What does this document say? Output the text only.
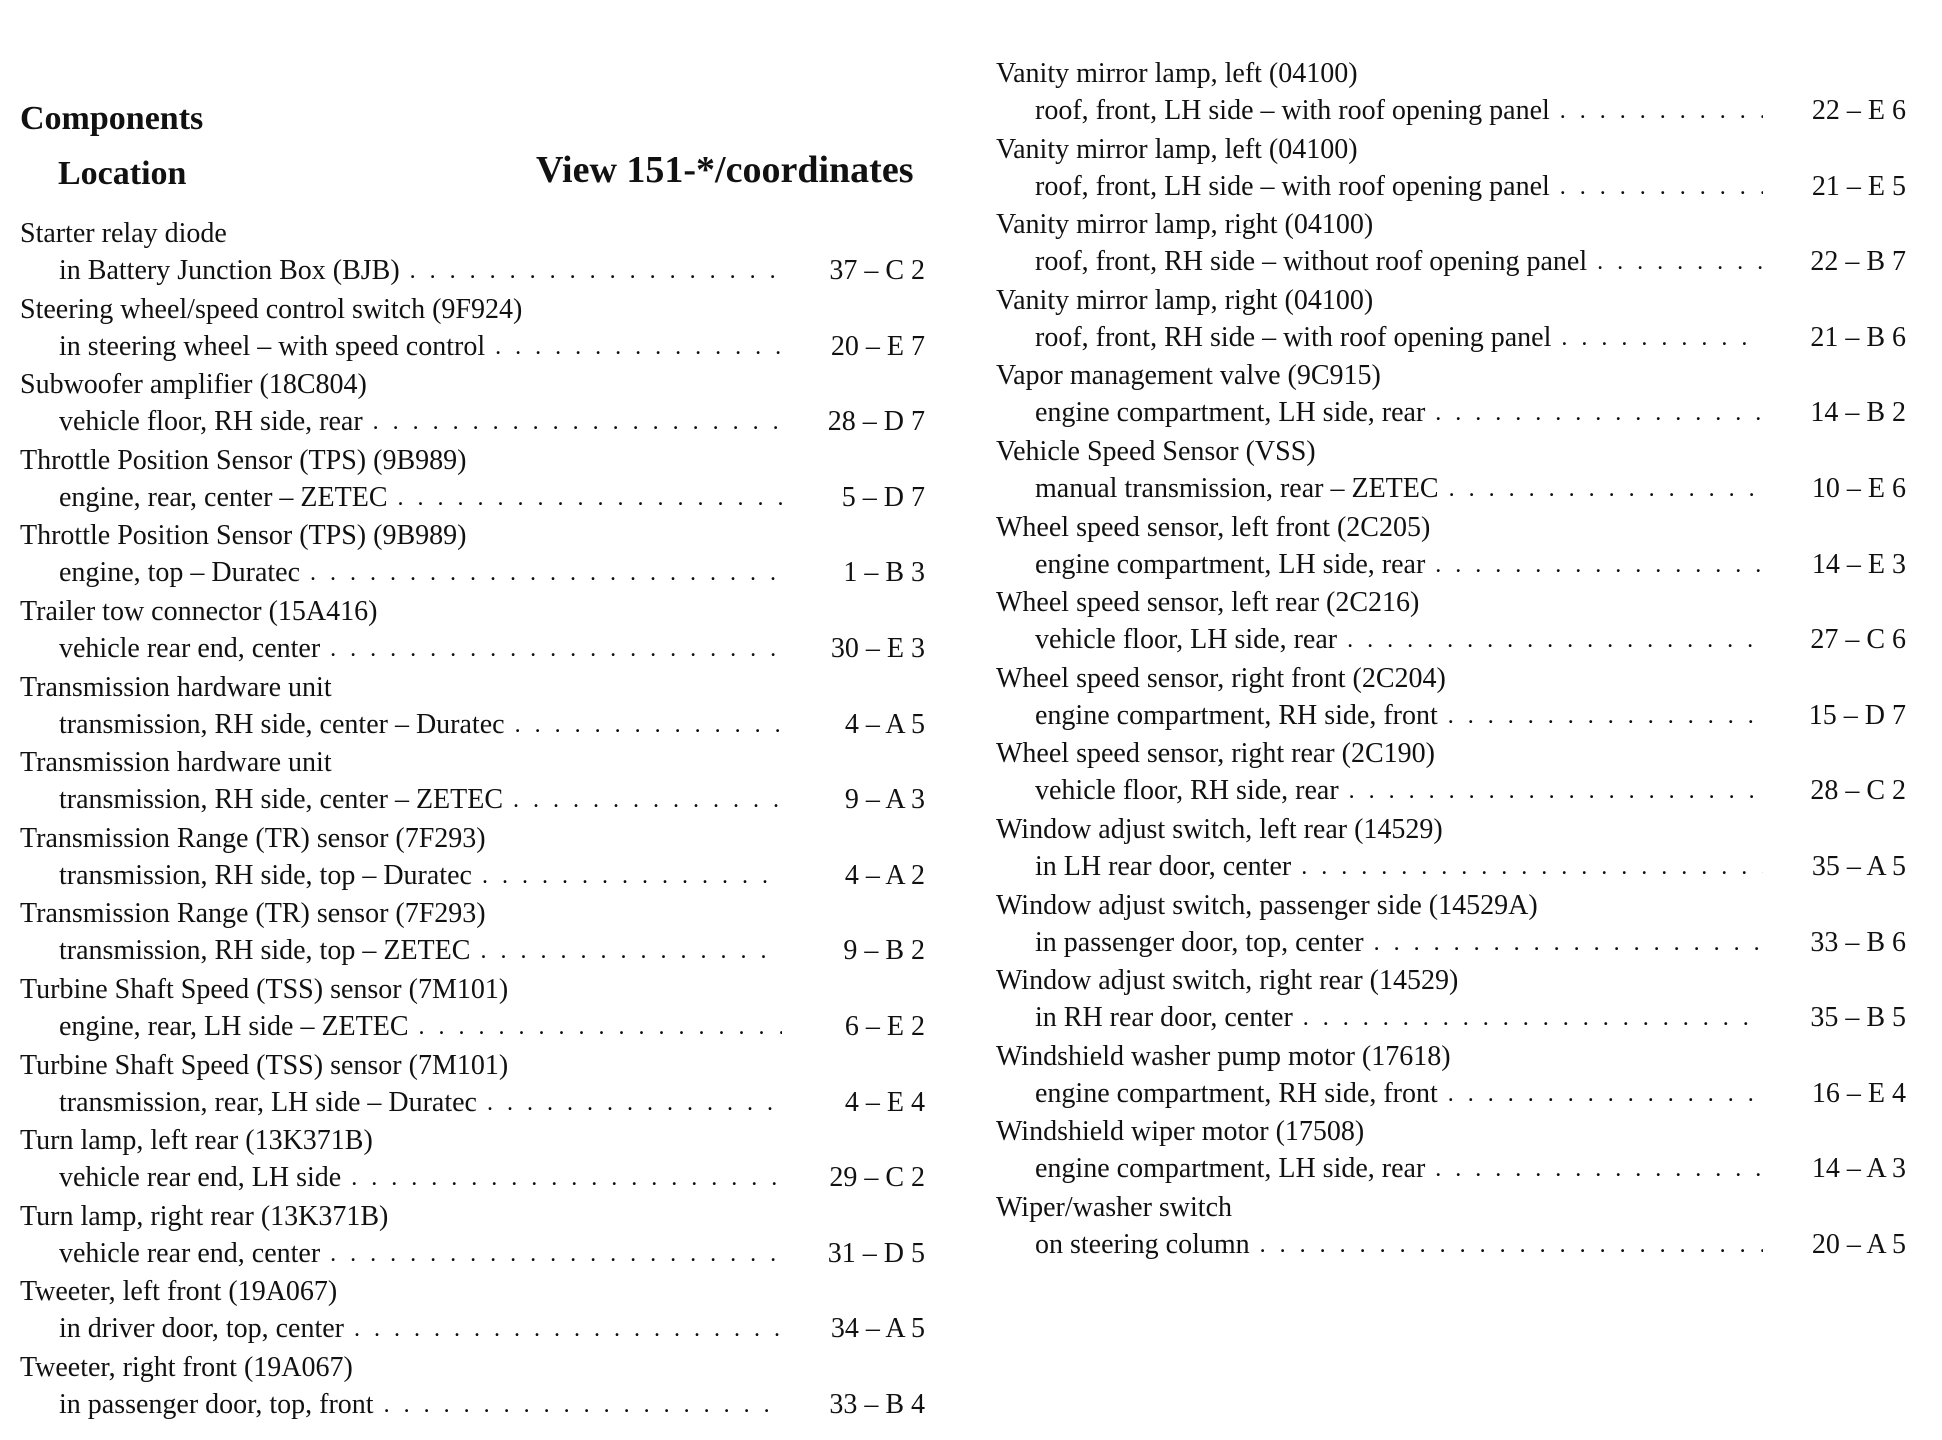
Components
Location	View 151-*/coordinates
Starter relay diode
in Battery Junction Box (BJB) . . .	37 – C 2
Steering wheel/speed control switch (9F924)
in steering wheel – with speed control . . .	20 – E 7
Subwoofer amplifier (18C804)
vehicle floor, RH side, rear . . .	28 – D 7
Throttle Position Sensor (TPS) (9B989)
engine, rear, center – ZETEC . . .	5 – D 7
Throttle Position Sensor (TPS) (9B989)
engine, top – Duratec . . .	1 – B 3
Trailer tow connector (15A416)
vehicle rear end, center . . .	30 – E 3
Transmission hardware unit
transmission, RH side, center – Duratec . . .	4 – A 5
Transmission hardware unit
transmission, RH side, center – ZETEC . . .	9 – A 3
Transmission Range (TR) sensor (7F293)
transmission, RH side, top – Duratec . . .	4 – A 2
Transmission Range (TR) sensor (7F293)
transmission, RH side, top – ZETEC . . .	9 – B 2
Turbine Shaft Speed (TSS) sensor (7M101)
engine, rear, LH side – ZETEC . . .	6 – E 2
Turbine Shaft Speed (TSS) sensor (7M101)
transmission, rear, LH side – Duratec . . .	4 – E 4
Turn lamp, left rear (13K371B)
vehicle rear end, LH side . . .	29 – C 2
Turn lamp, right rear (13K371B)
vehicle rear end, center . . .	31 – D 5
Tweeter, left front (19A067)
in driver door, top, center . . .	34 – A 5
Tweeter, right front (19A067)
in passenger door, top, front . . .	33 – B 4
Vanity mirror lamp, left (04100)
roof, front, LH side – with roof opening panel . . .	22 – E 6
Vanity mirror lamp, left (04100)
roof, front, LH side – with roof opening panel . . .	21 – E 5
Vanity mirror lamp, right (04100)
roof, front, RH side – without roof opening panel . . .	22 – B 7
Vanity mirror lamp, right (04100)
roof, front, RH side – with roof opening panel . . .	21 – B 6
Vapor management valve (9C915)
engine compartment, LH side, rear . . .	14 – B 2
Vehicle Speed Sensor (VSS)
manual transmission, rear – ZETEC . . .	10 – E 6
Wheel speed sensor, left front (2C205)
engine compartment, LH side, rear . . .	14 – E 3
Wheel speed sensor, left rear (2C216)
vehicle floor, LH side, rear . . .	27 – C 6
Wheel speed sensor, right front (2C204)
engine compartment, RH side, front . . .	15 – D 7
Wheel speed sensor, right rear (2C190)
vehicle floor, RH side, rear . . .	28 – C 2
Window adjust switch, left rear (14529)
in LH rear door, center . . .	35 – A 5
Window adjust switch, passenger side (14529A)
in passenger door, top, center . . .	33 – B 6
Window adjust switch, right rear (14529)
in RH rear door, center . . .	35 – B 5
Windshield washer pump motor (17618)
engine compartment, RH side, front . . .	16 – E 4
Windshield wiper motor (17508)
engine compartment, LH side, rear . . .	14 – A 3
Wiper/washer switch
on steering column . . .	20 – A 5
